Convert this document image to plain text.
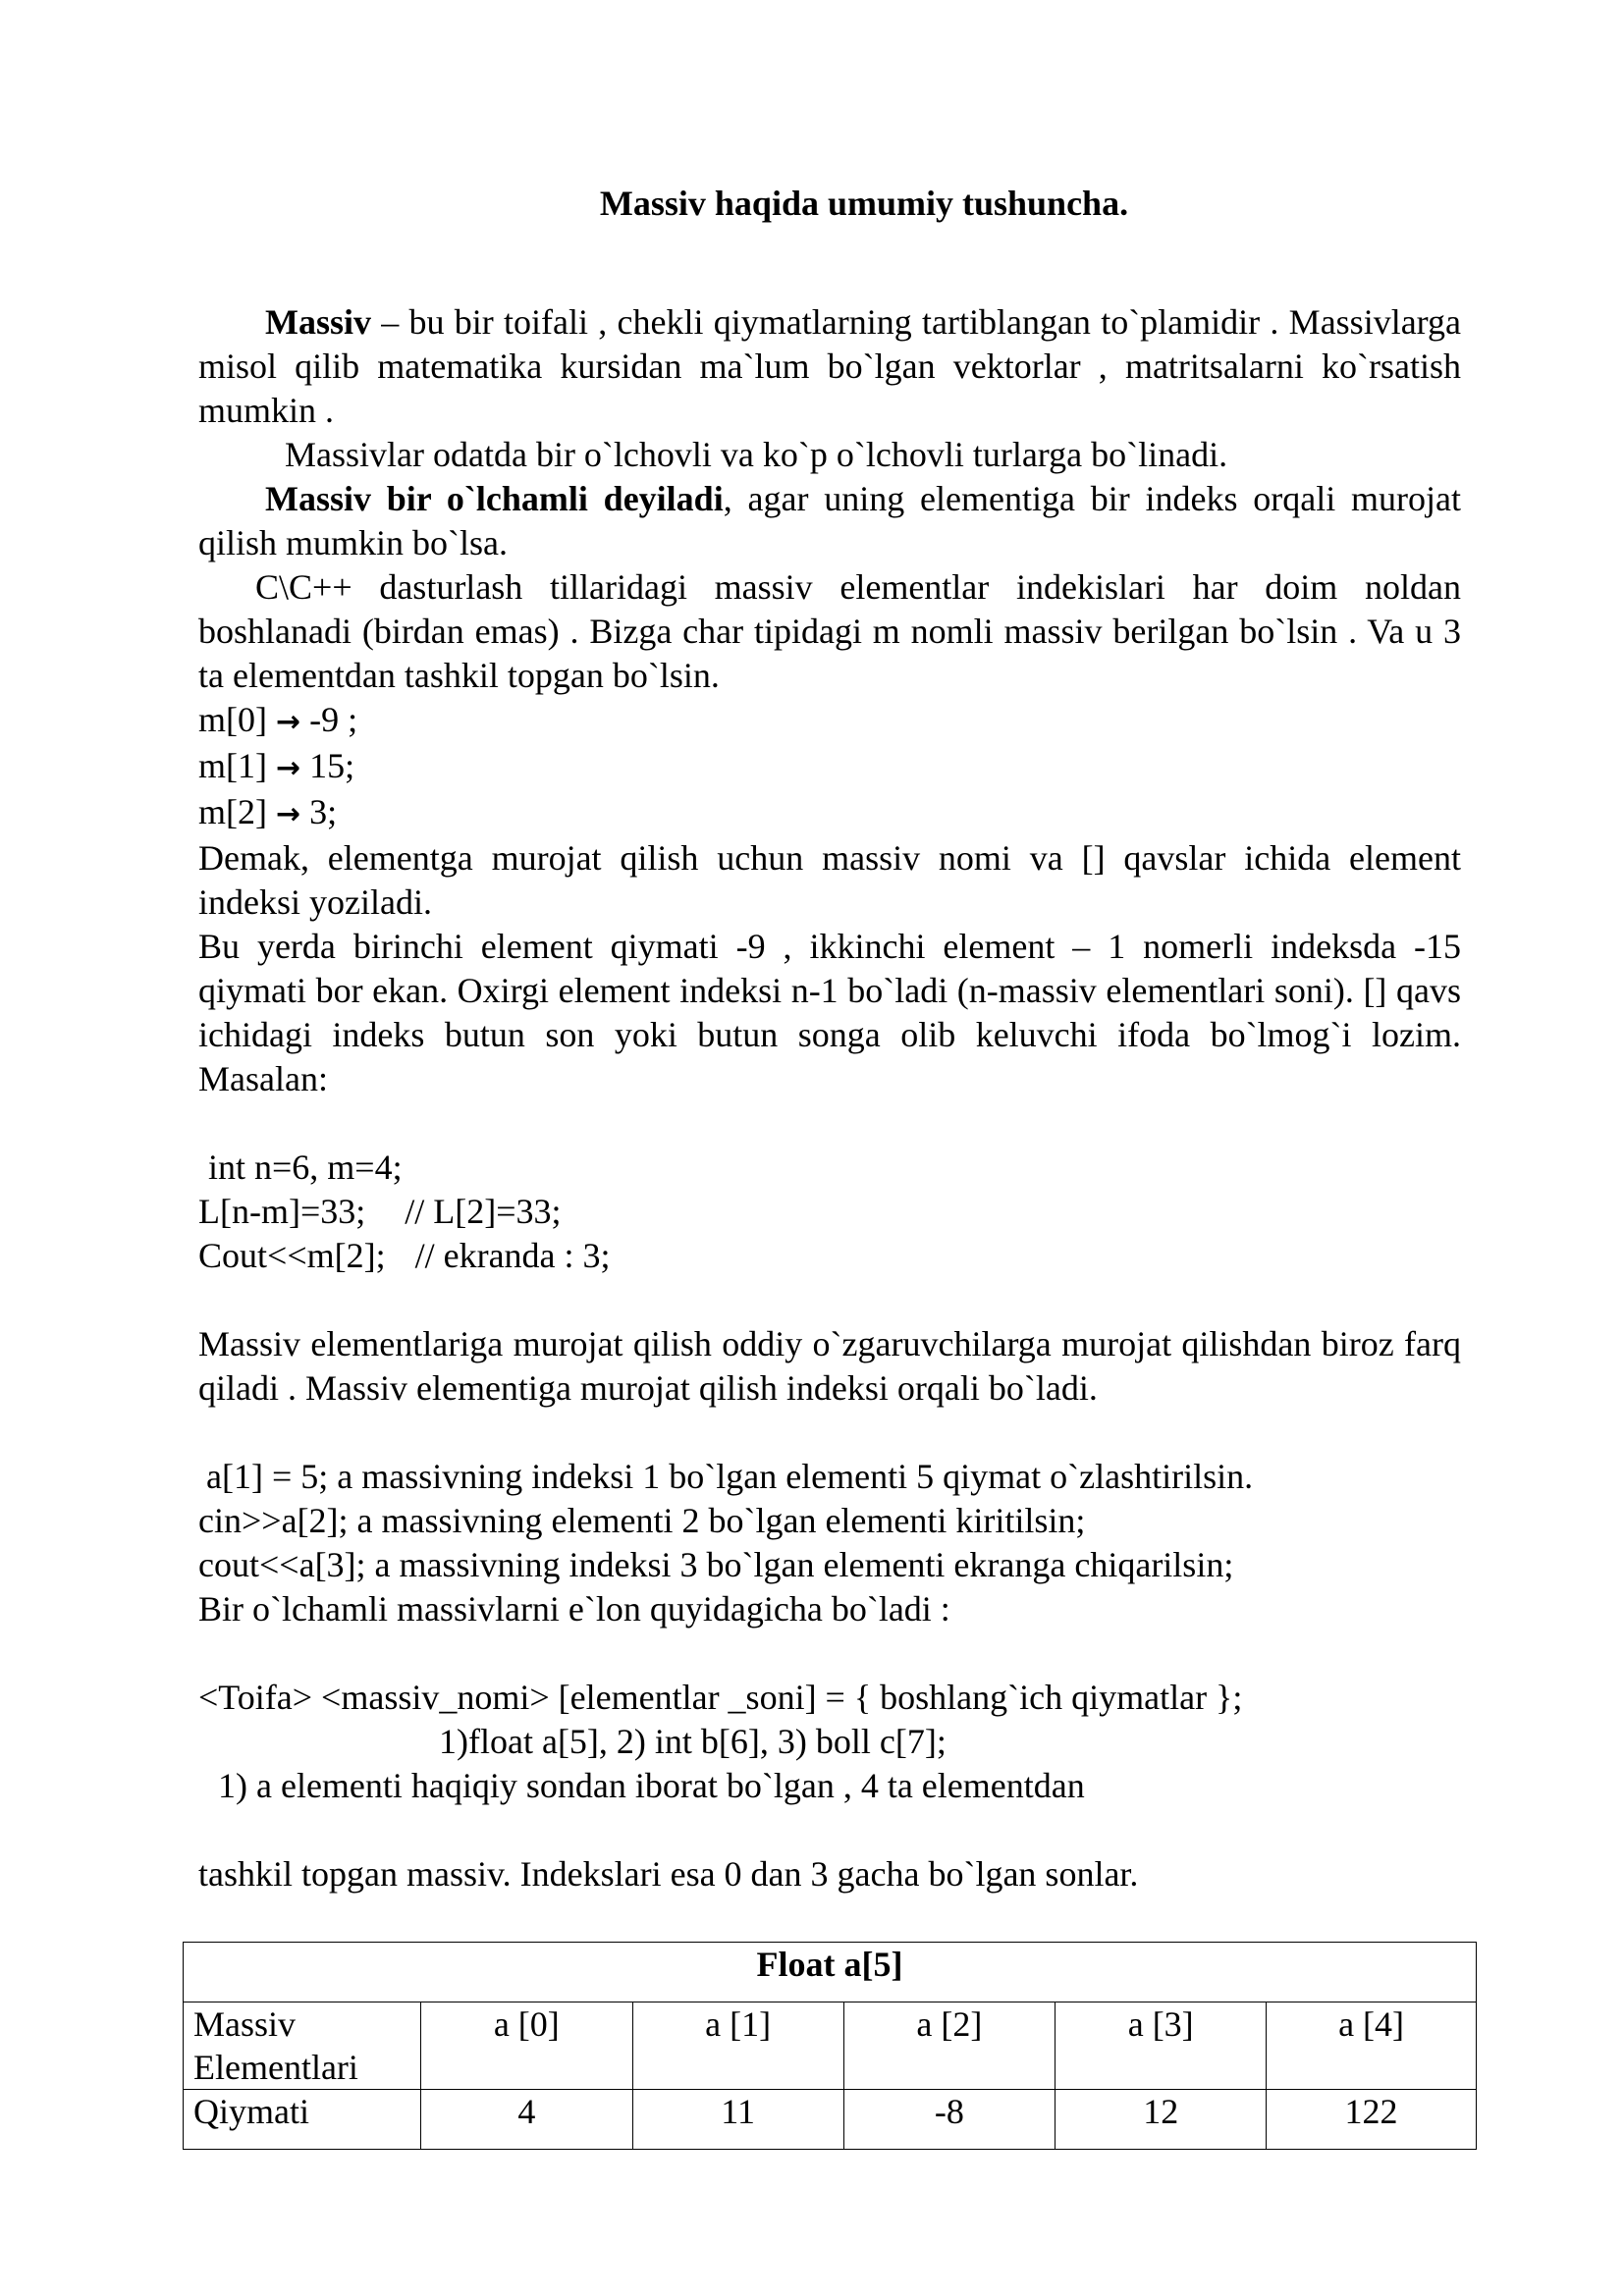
Massiv haqida umumiy tushuncha.

Massiv – bu bir toifali , chekli qiymatlarning tartiblangan to`plamidir . Massivlarga misol qilib matematika kursidan ma`lum bo`lgan vektorlar , matritsalarni ko`rsatish mumkin .

Massivlar odatda bir o`lchovli va ko`p o`lchovli turlarga bo`linadi.

Massiv bir o`lchamli deyiladi, agar uning elementiga bir indeks orqali murojat qilish mumkin bo`lsa.

C\C++ dasturlash tillaridagi massiv elementlar indekislari har doim noldan boshlanadi (birdan emas) . Bizga char tipidagi m nomli massiv berilgan bo`lsin . Va u 3 ta elementdan tashkil topgan bo`lsin.

m[0] → -9 ;

m[1] → 15;

m[2] → 3;

Demak, elementga murojat qilish uchun massiv nomi va [] qavslar ichida element indeksi yoziladi.

Bu yerda birinchi element qiymati -9 , ikkinchi element – 1 nomerli indeksda -15 qiymati bor ekan. Oxirgi element indeksi n-1 bo`ladi (n-massiv elementlari soni). [] qavs ichidagi indeks butun son yoki butun songa olib keluvchi ifoda bo`lmog`i lozim. Masalan:

int n=6, m=4;

L[n-m]=33; // L[2]=33;

Cout<<m[2]; // ekranda : 3;

Massiv elementlariga murojat qilish oddiy o`zgaruvchilarga murojat qilishdan biroz farq qiladi . Massiv elementiga murojat qilish indeksi orqali bo`ladi.

a[1] = 5; a massivning indeksi 1 bo`lgan elementi 5 qiymat o`zlashtirilsin.

cin>>a[2]; a massivning elementi 2 bo`lgan elementi kiritilsin;

cout<<a[3]; a massivning indeksi 3 bo`lgan elementi ekranga chiqarilsin;

Bir o`lchamli massivlarni e`lon quyidagicha bo`ladi :

<Toifa> <massiv_nomi> [elementlar _soni] = { boshlang`ich qiymatlar };

1)float a[5], 2) int b[6], 3) boll c[7];

1) a elementi haqiqiy sondan iborat bo`lgan , 4 ta elementdan

tashkil topgan massiv. Indekslari esa 0 dan 3 gacha bo`lgan sonlar.

Float a[5]					
Massiv Elementlari	a [0]	a [1]	a [2]	a [3]	a [4]
Qiymati	4	11	-8	12	122
